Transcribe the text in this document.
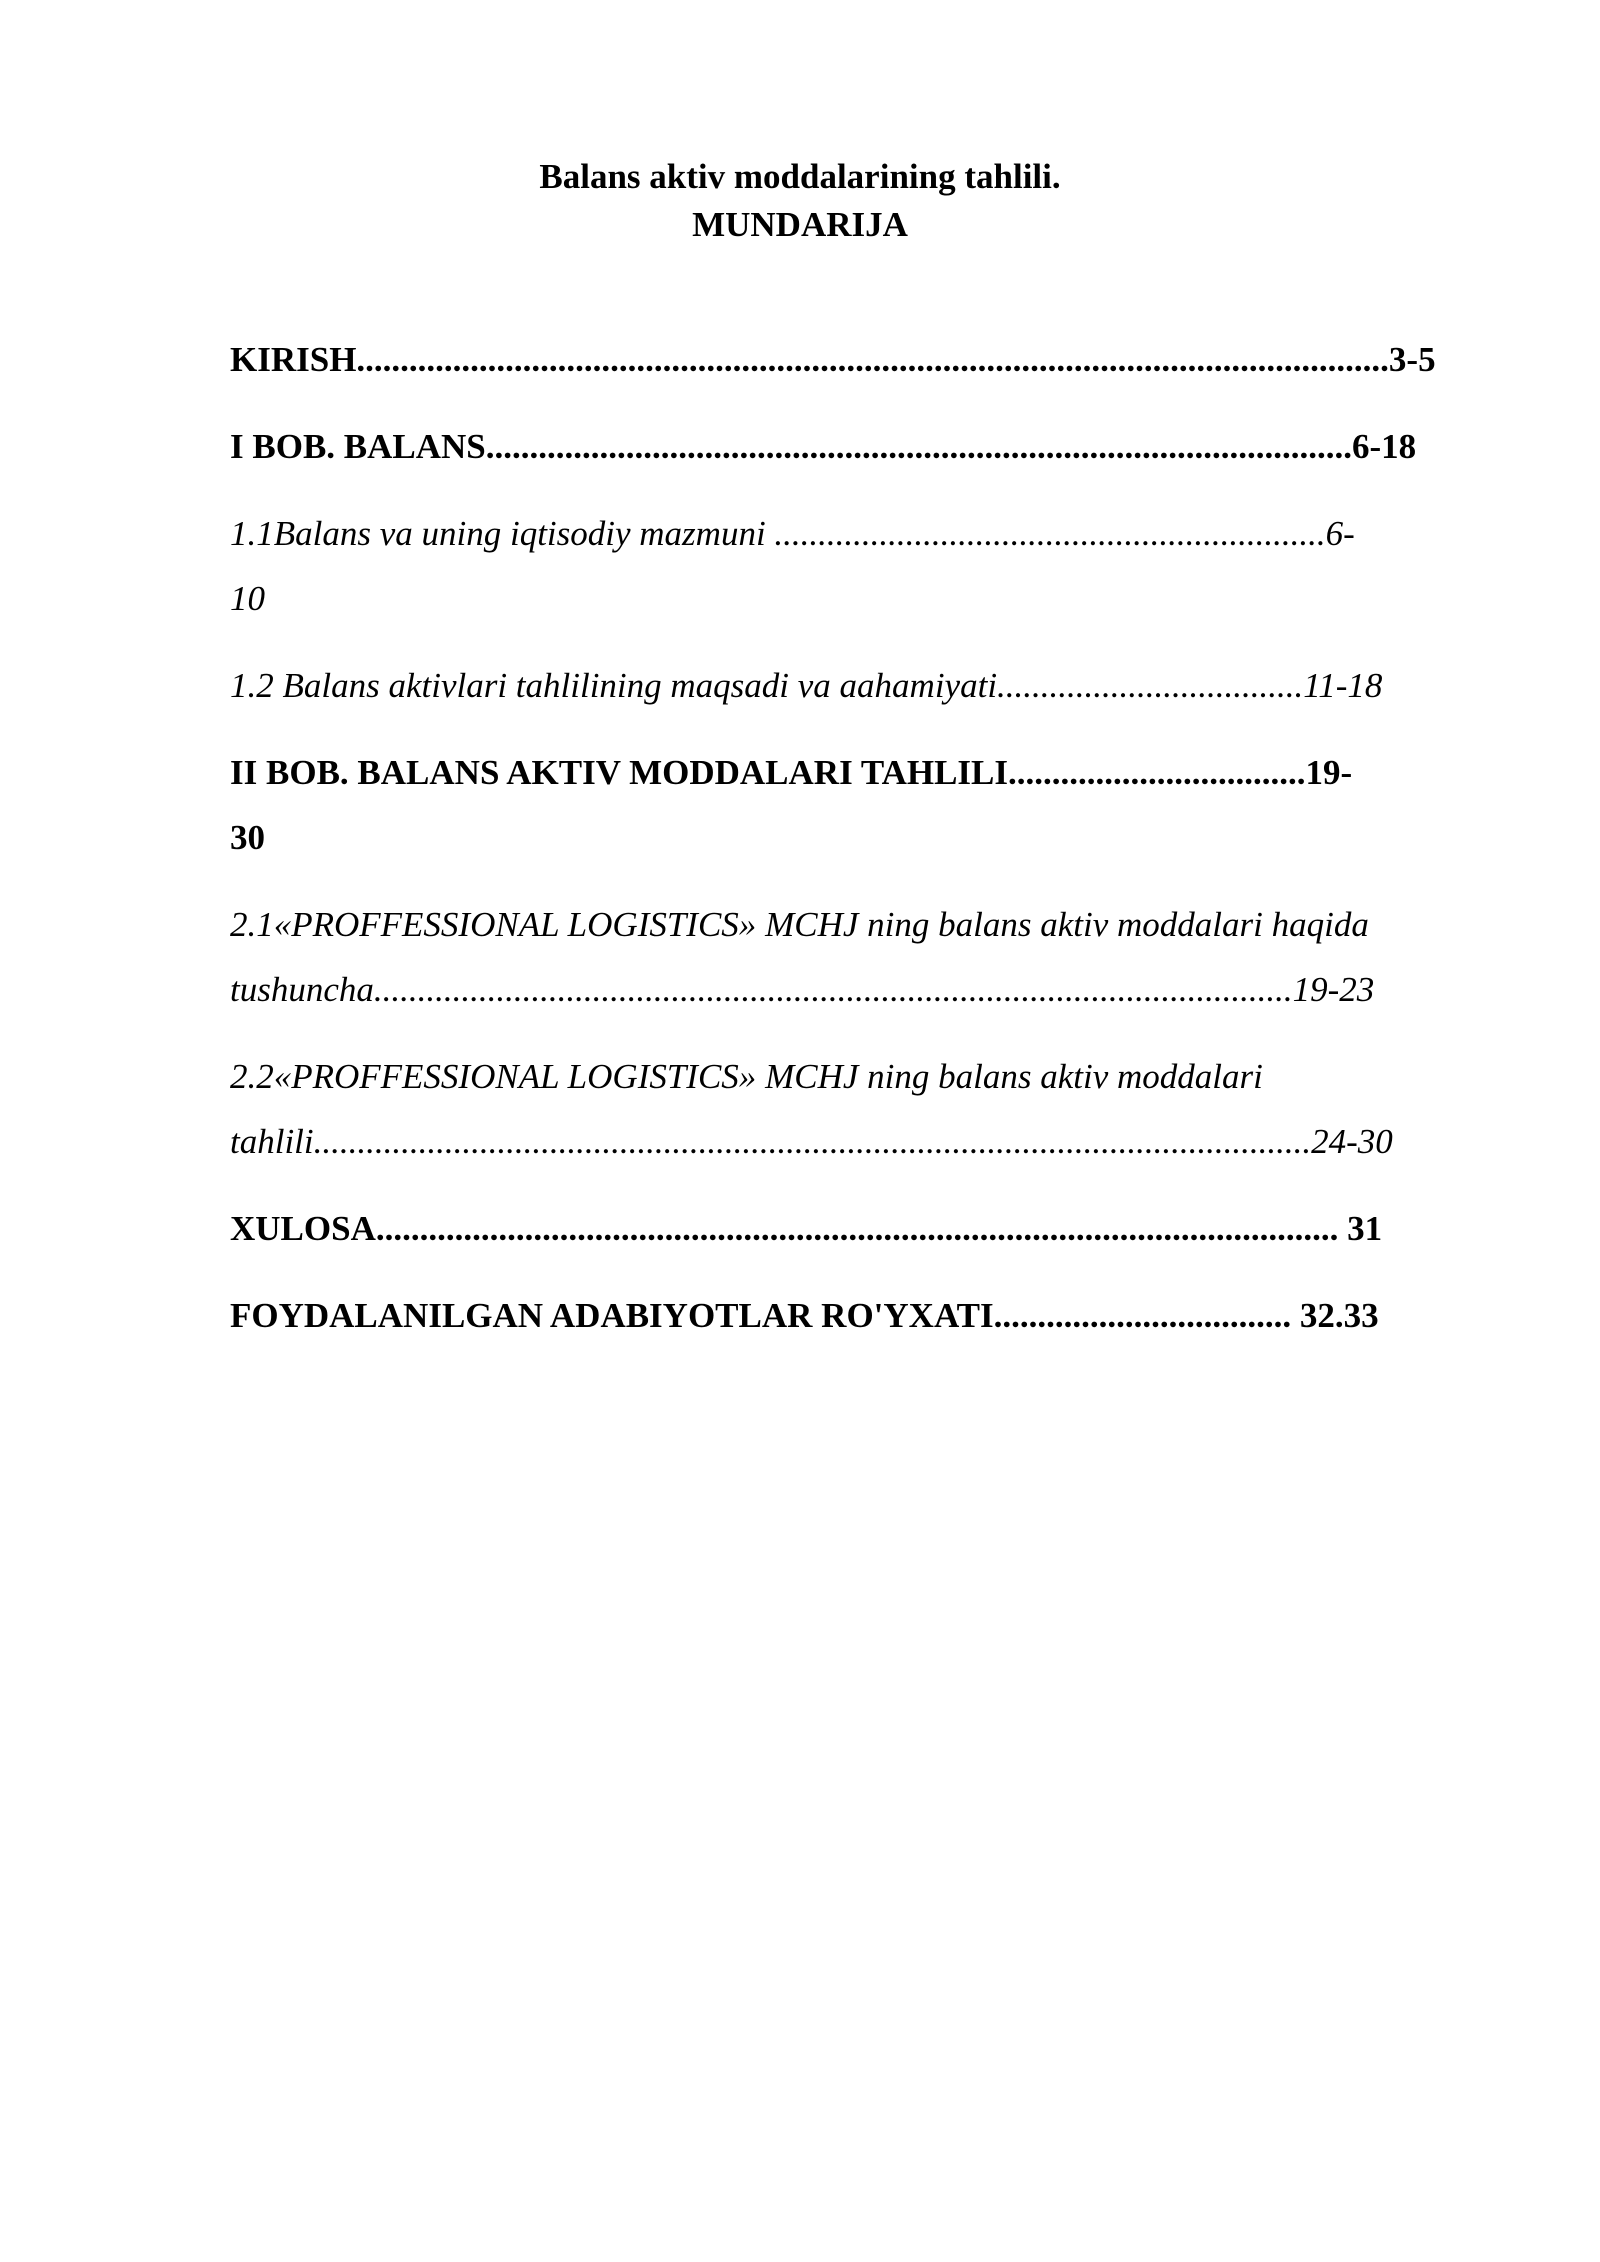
Balans aktiv moddalarining tahlili.
MUNDARIJA

KIRISH......................................................................................................................3-5

I BOB. BALANS...................................................................................................6-18

1.1Balans va uning iqtisodiy mazmuni ...............................................................6-
10

1.2 Balans aktivlari tahlilining maqsadi va aahamiyati...................................11-18

II BOB. BALANS AKTIV MODDALARI TAHLILI..................................19-
30

2.1«PROFFESSIONAL LOGISTICS» MCHJ ning balans aktiv moddalari haqida
tushuncha.........................................................................................................19-23

2.2«PROFFESSIONAL LOGISTICS» MCHJ ning balans aktiv moddalari
tahlili..................................................................................................................24-30

XULOSA.............................................................................................................. 31

FOYDALANILGAN ADABIYOTLAR RO'YXATI.................................. 32.33
